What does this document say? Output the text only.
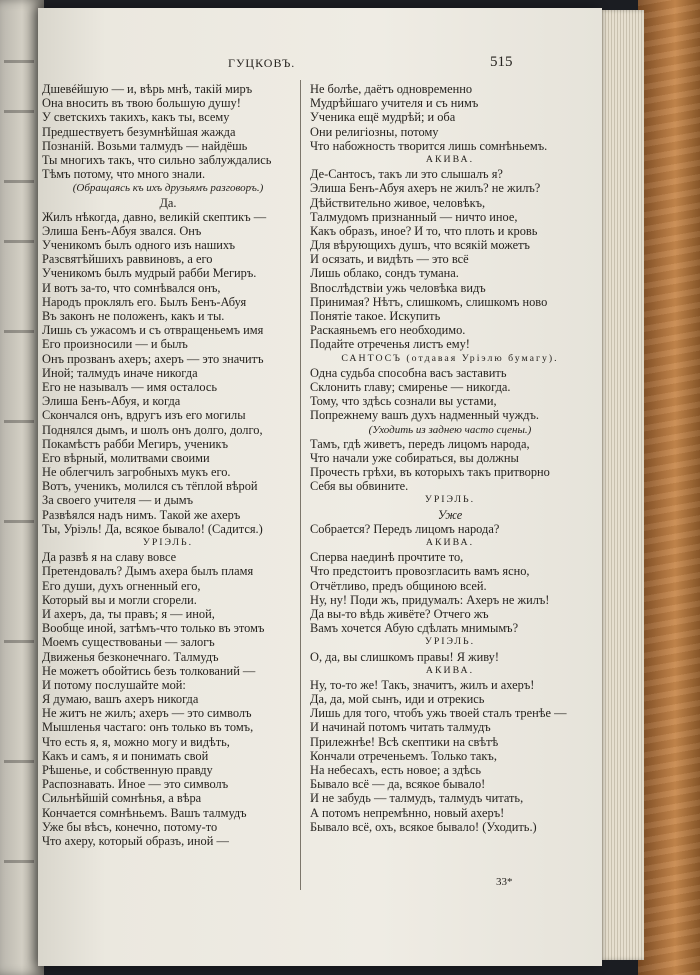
ГУЦКОВЪ.	515
Дшевéйшую — и, вѣрь мнѣ, такiй миръ
Она вносить въ твою большую душу!
У светскихъ такихъ, какъ ты, всему
Предшествуетъ безумнѣйшая жажда
Познаній. Возьми талмудъ — найдёшь
Ты многихъ такъ, что сильно заблуждались
Тѣмъ потому, что много знали.
(Обращаясь къ ихъ друзьямъ разговоръ.)
Да.
Жилъ нѣкогда, давно, великій скептикъ —
Элиша Бенъ-Абуя звался. Онъ
Ученикомъ былъ одного изъ нашихъ
Разсвятѣйшихъ раввиновъ, а его
Ученикомъ былъ мудрый рабби Мегиръ.
И вотъ за-то, что сомнѣвался онъ,
Народъ проклялъ его. Былъ Бенъ-Абуя
Въ законъ не положенъ, какъ и ты.
Лишь съ ужасомъ и съ отвращеньемъ имя
Его произносили — и былъ
Онъ прозванъ ахеръ; ахеръ — это значитъ
Иной; талмудъ иначе никогда
Его не называлъ — имя осталось
Элиша Бенъ-Абуя, и когда
Скончался онъ, вдругъ изъ его могилы
Поднялся дымъ, и шолъ онъ долго, долго,
Покамѣстъ рабби Мегиръ, ученикъ
Его вѣрный, молитвами своими
Не облегчилъ загробныхъ мукъ его.
Вотъ, ученикъ, молился съ тёплой вѣрой
За своего учителя — и дымъ
Развѣялся надъ нимъ. Такой же ахеръ
Ты, Уріэль! Да, всякое бывало! (Садится.)
УРІЭЛЬ.
Да развѣ я на славу вовсе
Претендовалъ? Дымъ ахера былъ пламя
Его души, духъ огненный его,
Который вы и могли сгорели.
И ахеръ, да, ты правъ; я — иной,
Вообще иной, затѣмъ-что только въ этомъ
Моемъ существованьи — залогъ
Движенья безконечнаго. Талмудъ
Не можетъ обойтись безъ толкований —
И потому послушайте мой:
Я думаю, вашъ ахеръ никогда
Не житъ не жилъ; ахеръ — это символъ
Мышленья частаго: онъ только въ томъ,
Что есть я, я, можно могу и видѣть,
Какъ и самъ, я и понимать свой
Рѣшенье, и собственную правду
Распознавать. Иное — это символъ
Сильнѣйшій сомнѣнья, а вѣра
Кончается сомнѣньемъ. Вашъ талмудъ
Уже бы вѣсъ, конечно, потому-то
Что ахеру, который образъ, иной —
Не болѣе, даётъ одновременно
Мудрѣйшаго учителя и съ нимъ
Ученика ещё мудрѣй; и оба
Они религіозны, потому
Что набожность творится лишь сомнѣньемъ.
АКИВА.
Де-Сантосъ, такъ ли это слышалъ я?
Элиша Бенъ-Абуя ахеръ не жилъ? не жилъ?
Дѣйствительно живое, человѣкъ,
Талмудомъ признанный — ничто иное,
Какъ образъ, иное? И то, что плоть и кровь
Для вѣрующихъ душъ, что всякій можетъ
И осязать, и видѣть — это всё
Лишь облако, сондъ тумана.
Впослѣдствіи ужь человѣка видъ
Принимая? Нѣтъ, слишкомъ, слишкомъ ново
Понятіе такое. Искупить
Раскаяньемъ его необходимо.
Подайте отреченья листъ ему!
САНТОСЪ (отдавая Уріэлю бумагу).
Одна судьба способна васъ заставить
Склонить главу; смиренье — никогда.
Тому, что здѣсь сознали вы устами,
Попрежнему вашъ духъ надменный чуждъ.
(Уходить из заднею часто сцены.)
Тамъ, гдѣ живетъ, передъ лицомъ народа,
Что начали уже собираться, вы должны
Прочесть грѣхи, въ которыхъ такъ притворно
Себя вы обвините.
УРІЭЛЬ.
Уже
Собрается? Передъ лицомъ народа?
АКИВА.
Сперва наединѣ прочтите то,
Что предстоитъ провозгласить вамъ ясно,
Отчётливо, предъ общиною всей.
Ну, ну! Поди жъ, придумалъ: Ахеръ не жилъ!
Да вы-то вѣдь живёте? Отчего жъ
Вамъ хочется Абую сдѣлать мнимымъ?
УРІЭЛЬ.
О, да, вы слишкомъ правы! Я живу!
АКИВА.
Ну, то-то же! Такъ, значитъ, жилъ и ахеръ!
Да, да, мой сынъ, иди и отрекись
Лишь для того, чтобъ ужь твоей сталъ тренѣе —
И начинай потомъ читать талмудъ
Прилежнѣе! Всѣ скептики на свѣтѣ
Кончали отреченьемъ. Только такъ,
На небесахъ, есть новое; а здѣсь
Бывало всё — да, всякое бывало!
И не забудь — талмудъ, талмудъ читать,
А потомъ непремѣнно, новый ахеръ!
Бывало всё, охъ, всякое бывало! (Уходить.)
33*
